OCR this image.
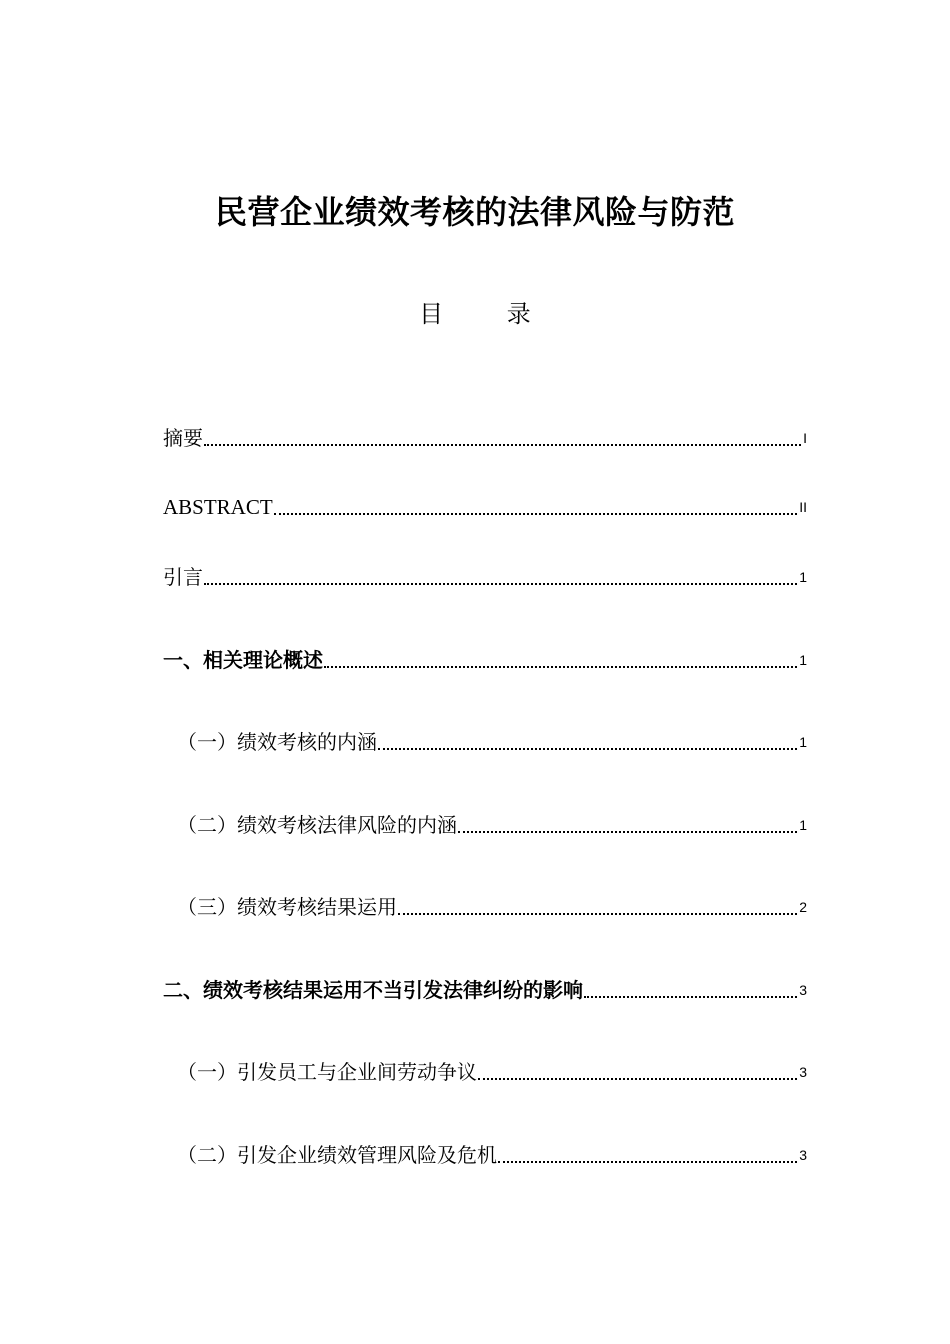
民营企业绩效考核的法律风险与防范
目 录
摘要	I
ABSTRACT	II
引言	1
一、相关理论概述	1
（一）绩效考核的内涵	1
（二）绩效考核法律风险的内涵	1
（三）绩效考核结果运用	2
二、绩效考核结果运用不当引发法律纠纷的影响	3
（一）引发员工与企业间劳动争议	3
（二）引发企业绩效管理风险及危机	3
